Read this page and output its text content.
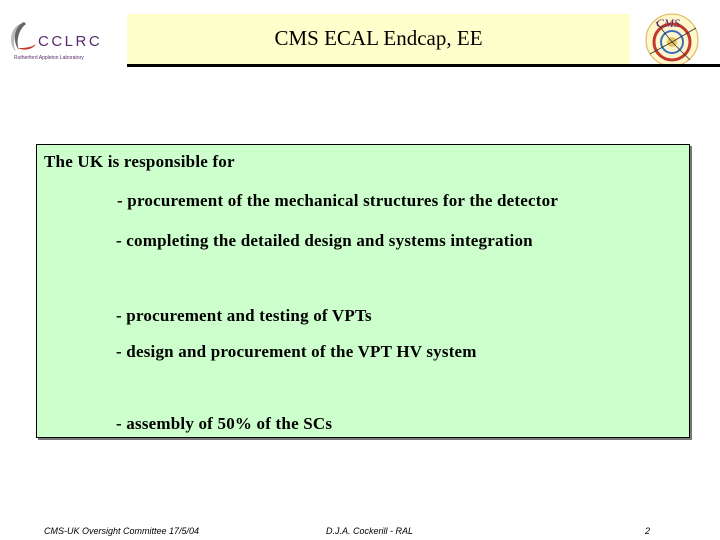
CCLRC
Rutherford Appleton Laboratory
CMS ECAL Endcap, EE
CMS
The UK is responsible for
- procurement of the mechanical structures for the detector
- completing the detailed design and systems integration
- procurement and testing of VPTs
- design and procurement of the VPT HV system
- assembly of 50% of the SCs
CMS-UK Oversight Committee 17/5/04	D.J.A. Cockerill - RAL	2
